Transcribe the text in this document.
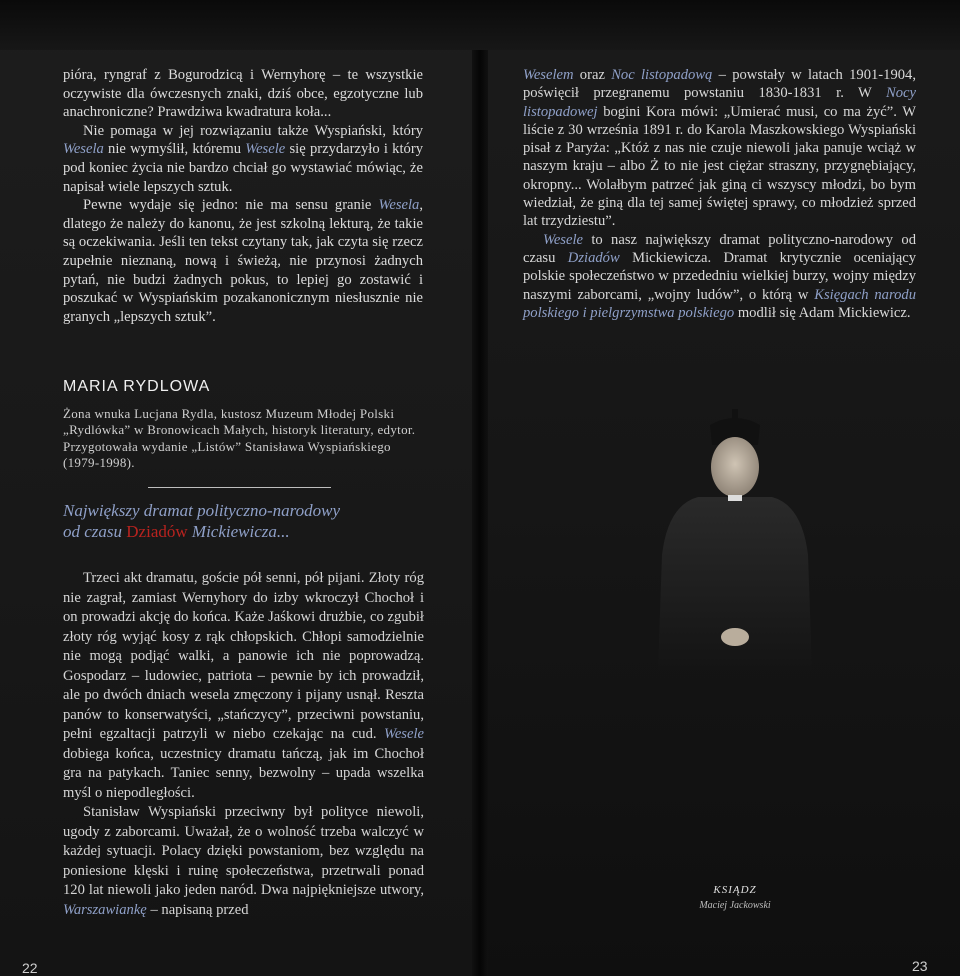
pióra, ryngraf z Bogurodzicą i Wernyhorę – te wszystkie oczywiste dla ówczesnych znaki, dziś obce, egzotyczne lub anachroniczne? Prawdziwa kwadratura koła...

Nie pomaga w jej rozwiązaniu także Wyspiański, który Wesela nie wymyślił, któremu Wesele się przydarzyło i który pod koniec życia nie bardzo chciał go wystawiać mówiąc, że napisał wiele lepszych sztuk.

Pewne wydaje się jedno: nie ma sensu granie Wesela, dlatego że należy do kanonu, że jest szkolną lekturą, że takie są oczekiwania. Jeśli ten tekst czytany tak, jak czyta się rzecz zupełnie nieznaną, nową i świeżą, nie przynosi żadnych pytań, nie budzi żadnych pokus, to lepiej go zostawić i poszukać w Wyspiańskim pozakanonicznym niesłusznie nie granych „lepszych sztuk”.

MARIA RYDLOWA
Żona wnuka Lucjana Rydla, kustosz Muzeum Młodej Polski „Rydlówka” w Bronowicach Małych, historyk literatury, edytor. Przygotowała wydanie „Listów” Stanisława Wyspiańskiego (1979-1998).
Największy dramat polityczno-narodowy
od czasu Dziadów Mickiewicza...

Trzeci akt dramatu, goście pół senni, pół pijani. Złoty róg nie zagrał, zamiast Wernyhory do izby wkroczył Chochoł i on prowadzi akcję do końca. Każe Jaśkowi drużbie, co zgubił złoty róg wyjąć kosy z rąk chłopskich. Chłopi samodzielnie nie mogą podjąć walki, a panowie ich nie poprowadzą. Gospodarz – ludowiec, patriota – pewnie by ich prowadził, ale po dwóch dniach wesela zmęczony i pijany usnął. Reszta panów to konserwatyści, „stańczycy”, przeciwni powstaniu, pełni egzaltacji patrzyli w niebo czekając na cud. Wesele dobiega końca, uczestnicy dramatu tańczą, jak im Chochoł gra na patykach. Taniec senny, bezwolny – upada wszelka myśl o niepodległości.

Stanisław Wyspiański przeciwny był polityce niewoli, ugody z zaborcami. Uważał, że o wolność trzeba walczyć w każdej sytuacji. Polacy dzięki powstaniom, bez względu na poniesione klęski i ruinę społeczeństwa, przetrwali ponad 120 lat niewoli jako jeden naród. Dwa najpiękniejsze utwory, Warszawiankę – napisaną przed

Weselem oraz Noc listopadową – powstały w latach 1901-1904, poświęcił przegranemu powstaniu 1830-1831 r. W Nocy listopadowej bogini Kora mówi: „Umierać musi, co ma żyć”. W liście z 30 września 1891 r. do Karola Maszkowskiego Wyspiański pisał z Paryża: „Któż z nas nie czuje niewoli jaka panuje wciąż w naszym kraju – albo Ż to nie jest ciężar straszny, przygnębiający, okropny... Wolałbym patrzeć jak giną ci wszyscy młodzi, bo bym wiedział, że giną dla tej samej świętej sprawy, co młodzież sprzed lat trzydziestu”.

Wesele to nasz największy dramat polityczno-narodowy od czasu Dziadów Mickiewicza. Dramat krytycznie oceniający polskie społeczeństwo w przededniu wielkiej burzy, wojny między naszymi zaborcami, „wojny ludów”, o którą w Księgach narodu polskiego i pielgrzymstwa polskiego modlił się Adam Mickiewicz.

KSIĄDZ
Maciej Jackowski
22	23
